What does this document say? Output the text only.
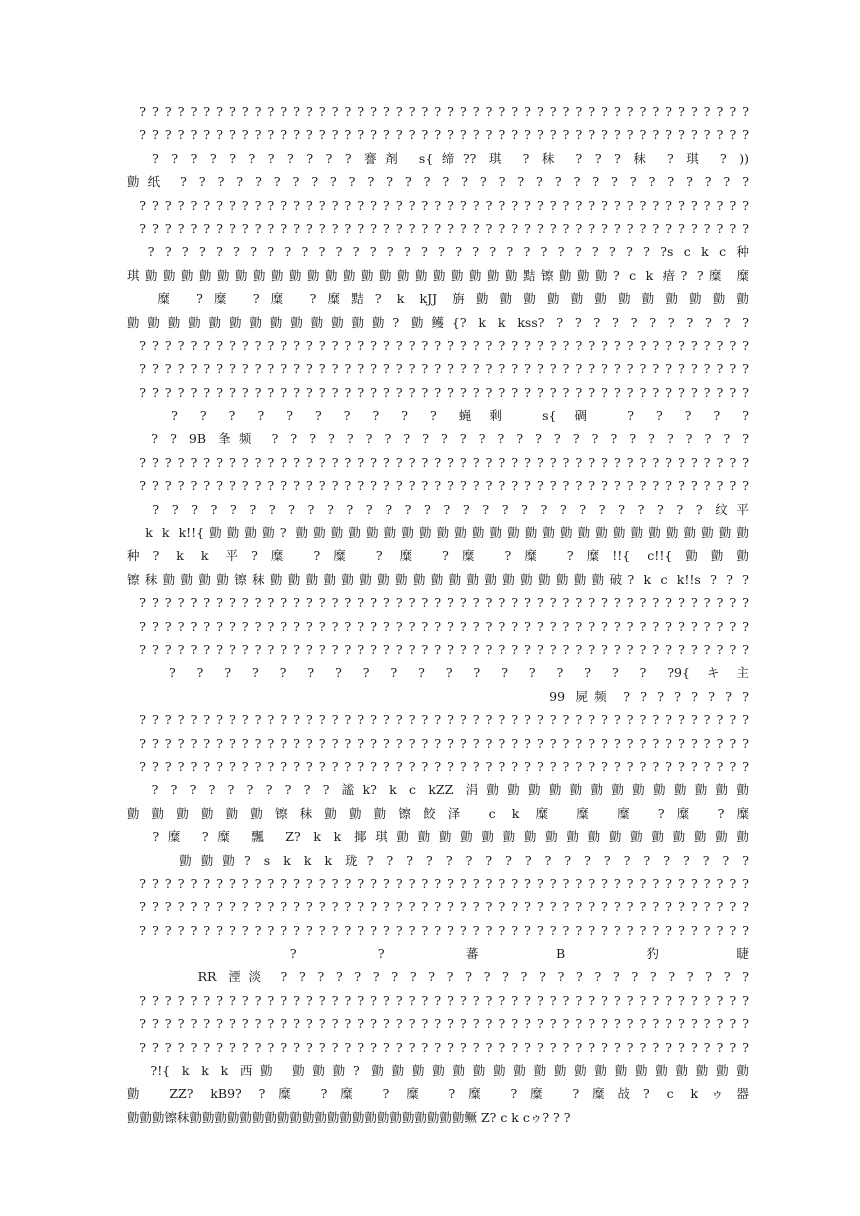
? ? ? ? ? ? ? ? ? ? ? ? ? ? ? ? ? ? ? ? ? ? ? ? ? ? ? ? ? ? ? ? ? ? ? ? ? ? ? ? ? ? ? ? ? ? ? ?
? ? ? ? ? ? ? ? ? ? ? ? ? ? ? ? ? ? ? ? ? ? ? ? ? ? ? ? ? ? ? ? ? ? ? ? ? ? ? ? ? ? ? ? ? ? ? ?
? ? ? ? ? ? ? ? ? ? ? 謇剤 s{缔?? 琪 ? 秣 ? ? ? 秣 ? 琪 ? ))
勯纸 ? ? ? ? ? ? ? ? ? ? ? ? ? ? ? ? ? ? ? ? ? ? ? ? ? ? ? ? ? ? ?
? ? ? ? ? ? ? ? ? ? ? ? ? ? ? ? ? ? ? ? ? ? ? ? ? ? ? ? ? ? ? ? ? ? ? ? ? ? ? ? ? ? ? ? ? ? ? ?
? ? ? ? ? ? ? ? ? ? ? ? ? ? ? ? ? ? ? ? ? ? ? ? ? ? ? ? ? ? ? ? ? ? ? ? ? ? ? ? ? ? ? ? ? ? ? ?
? ? ? ? ? ? ? ? ? ? ? ? ? ? ? ? ? ? ? ? ? ? ? ? ? ? ? ? ? ? ?s c k c 种
琪勯勯勯勯勯勯勯勯勯勯勯勯勯勯勯勯勯勯勯勯勯黠镲勯勯勯? c k 瘖? ?糜 糜
糜 ?糜 ?糜 ?糜黠? k kJJ 旃勯勯勯勯勯勯勯勯勯勯勯勯
勯勯勯勯勯勯勯勯勯勯勯勯勯? 勯鳠{? k k kss? ? ? ? ? ? ? ? ? ? ? ?
? ? ? ? ? ? ? ? ? ? ? ? ? ? ? ? ? ? ? ? ? ? ? ? ? ? ? ? ? ? ? ? ? ? ? ? ? ? ? ? ? ? ? ? ? ? ? ?
? ? ? ? ? ? ? ? ? ? ? ? ? ? ? ? ? ? ? ? ? ? ? ? ? ? ? ? ? ? ? ? ? ? ? ? ? ? ? ? ? ? ? ? ? ? ? ?
? ? ? ? ? ? ? ? ? ? ? ? ? ? ? ? ? ? ? ? ? ? ? ? ? ? ? ? ? ? ? ? ? ? ? ? ? ? ? ? ? ? ? ? ? ? ? ?
? ? ? ? ? ? ? ? ? ? 蝇剩 s{碉 ? ? ? ? ?
? ? 9B 夆频 ? ? ? ? ? ? ? ? ? ? ? ? ? ? ? ? ? ? ? ? ? ? ? ? ? ?
? ? ? ? ? ? ? ? ? ? ? ? ? ? ? ? ? ? ? ? ? ? ? ? ? ? ? ? ? ? ? ? ? ? ? ? ? ? ? ? ? ? ? ? ? ? ? ?
? ? ? ? ? ? ? ? ? ? ? ? ? ? ? ? ? ? ? ? ? ? ? ? ? ? ? ? ? ? ? ? ? ? ? ? ? ? ? ? ? ? ? ? ? ? ? ?
? ? ? ? ? ? ? ? ? ? ? ? ? ? ? ? ? ? ? ? ? ? ? ? ? ? ? ? ? 纹平
k k k!!{勯勯勯勯? 勯勯勯勯勯勯勯勯勯勯勯勯勯勯勯勯勯勯勯勯勯勯勯勯勯勯
种? k k 平?糜 ?糜 ? 糜 ?糜 ?糜 ?糜!!{ c!!{勯勯勯
镲秣勯勯勯勯镲秣勯勯勯勯勯勯勯勯勯勯勯勯勯勯勯勯勯勯勯破? k c k!!s ? ? ?
? ? ? ? ? ? ? ? ? ? ? ? ? ? ? ? ? ? ? ? ? ? ? ? ? ? ? ? ? ? ? ? ? ? ? ? ? ? ? ? ? ? ? ? ? ? ? ?
? ? ? ? ? ? ? ? ? ? ? ? ? ? ? ? ? ? ? ? ? ? ? ? ? ? ? ? ? ? ? ? ? ? ? ? ? ? ? ? ? ? ? ? ? ? ? ?
? ? ? ? ? ? ? ? ? ? ? ? ? ? ? ? ? ? ? ? ? ? ? ? ? ? ? ? ? ? ? ? ? ? ? ? ? ? ? ? ? ? ? ? ? ? ? ?
? ? ? ? ? ? ? ? ? ? ? ? ? ? ? ? ? ? ?9{キ主
99 屍频 ? ? ? ? ? ? ? ?
? ? ? ? ? ? ? ? ? ? ? ? ? ? ? ? ? ? ? ? ? ? ? ? ? ? ? ? ? ? ? ? ? ? ? ? ? ? ? ? ? ? ? ? ? ? ? ?
? ? ? ? ? ? ? ? ? ? ? ? ? ? ? ? ? ? ? ? ? ? ? ? ? ? ? ? ? ? ? ? ? ? ? ? ? ? ? ? ? ? ? ? ? ? ? ?
? ? ? ? ? ? ? ? ? ? ? ? ? ? ? ? ? ? ? ? ? ? ? ? ? ? ? ? ? ? ? ? ? ? ? ? ? ? ? ? ? ? ? ? ? ? ? ?
? ? ? ? ? ? ? ? ? ? 謐k? k c kZZ 涓勯勯勯勯勯勯勯勯勯勯勯勯勯
勯勯勯勯勯勯镲秣勯勯勯镲餃泽 c k 糜 糜 糜 ?糜 ?糜
?糜 ?糜 飄 Z? k k 揶琪勯勯勯勯勯勯勯勯勯勯勯勯勯勯勯勯勯
勯勯勯? s k k k 珑? ? ? ? ? ? ? ? ? ? ? ? ? ? ? ? ? ? ? ?
? ? ? ? ? ? ? ? ? ? ? ? ? ? ? ? ? ? ? ? ? ? ? ? ? ? ? ? ? ? ? ? ? ? ? ? ? ? ? ? ? ? ? ? ? ? ? ?
? ? ? ? ? ? ? ? ? ? ? ? ? ? ? ? ? ? ? ? ? ? ? ? ? ? ? ? ? ? ? ? ? ? ? ? ? ? ? ? ? ? ? ? ? ? ? ?
? ? ? ? ? ? ? ? ? ? ? ? ? ? ? ? ? ? ? ? ? ? ? ? ? ? ? ? ? ? ? ? ? ? ? ? ? ? ? ? ? ? ? ? ? ? ? ?
? ? 蕃B 犳睫
RR 湮淡 ? ? ? ? ? ? ? ? ? ? ? ? ? ? ? ? ? ? ? ? ? ? ? ? ? ?
? ? ? ? ? ? ? ? ? ? ? ? ? ? ? ? ? ? ? ? ? ? ? ? ? ? ? ? ? ? ? ? ? ? ? ? ? ? ? ? ? ? ? ? ? ? ? ?
? ? ? ? ? ? ? ? ? ? ? ? ? ? ? ? ? ? ? ? ? ? ? ? ? ? ? ? ? ? ? ? ? ? ? ? ? ? ? ? ? ? ? ? ? ? ? ?
? ? ? ? ? ? ? ? ? ? ? ? ? ? ? ? ? ? ? ? ? ? ? ? ? ? ? ? ? ? ? ? ? ? ? ? ? ? ? ? ? ? ? ? ? ? ? ?
?!{ k k k 西勯 勯勯勯? 勯勯勯勯勯勯勯勯勯勯勯勯勯勯勯勯勯勯勯
勯 ZZ? kB9? ?糜 ?糜 ? 糜 ?糜 ?糜 ?糜敁? c kゥ器
勯勯勯镲秣勯勯勯勯勯勯勯勯勯勯勯勯勯勯勯勯勯勯勯勯勯勯鳜 Z? c k cゥ? ? ?
